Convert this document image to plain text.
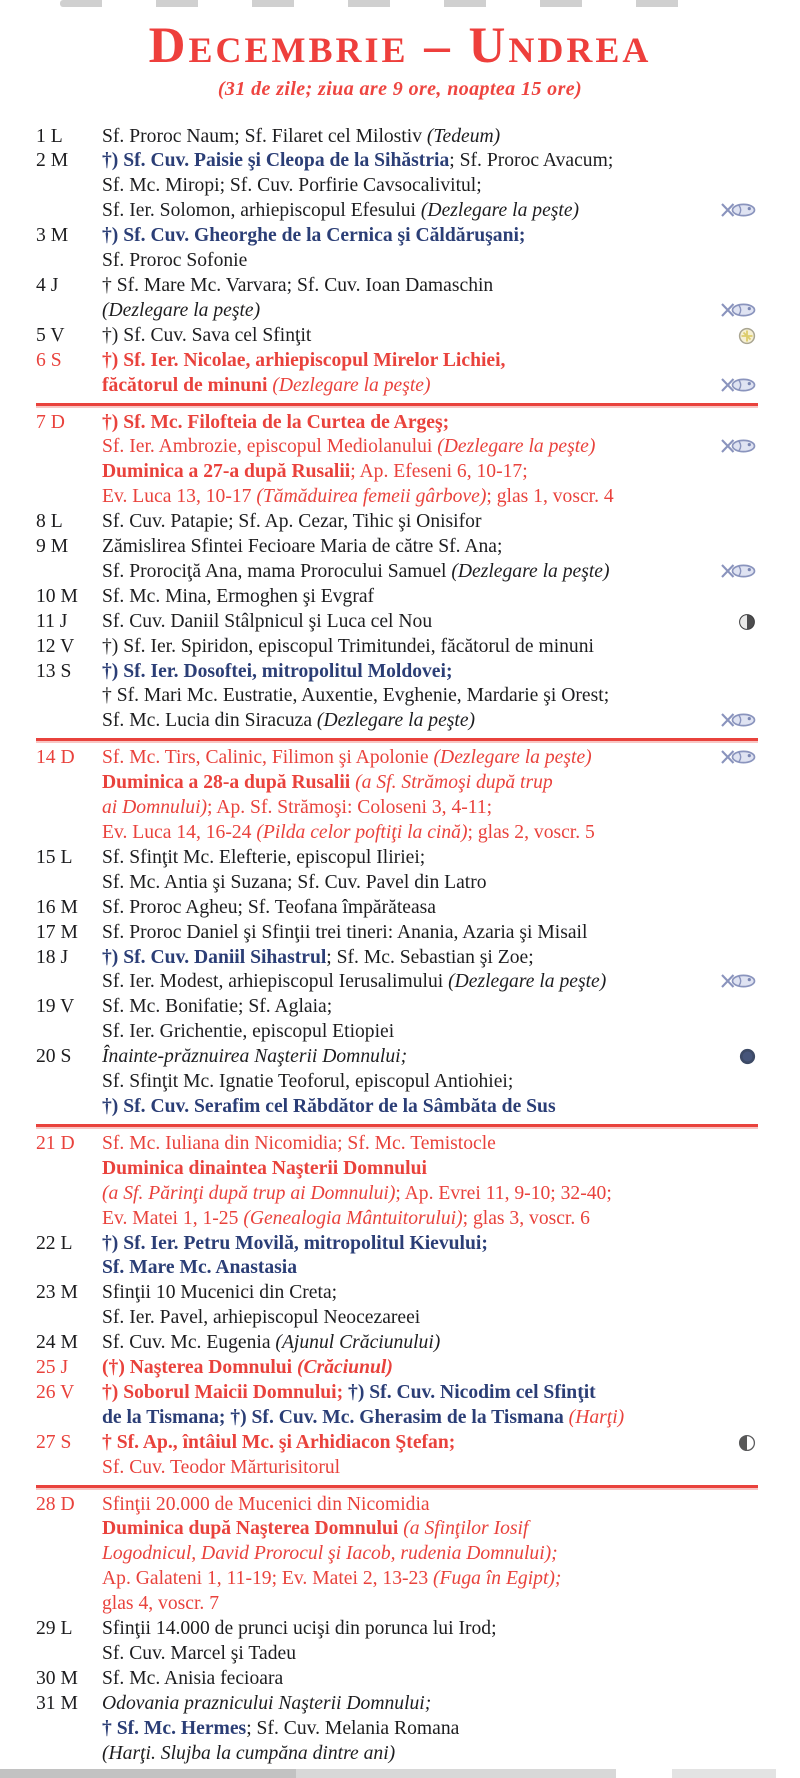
Decembrie – Undrea
(31 de zile; ziua are 9 ore, noaptea 15 ore)
1 L	Sf. Proroc Naum; Sf. Filaret cel Milostiv (Tedeum)
2 M	†) Sf. Cuv. Paisie şi Cleopa de la Sihăstria; Sf. Proroc Avacum;
Sf. Mc. Miropi; Sf. Cuv. Porfirie Cavsocalivitul;
Sf. Ier. Solomon, arhiepiscopul Efesului (Dezlegare la peşte)
3 M	†) Sf. Cuv. Gheorghe de la Cernica şi Căldăruşani;
Sf. Proroc Sofonie
4 J	† Sf. Mare Mc. Varvara; Sf. Cuv. Ioan Damaschin
(Dezlegare la peşte)
5 V	†) Sf. Cuv. Sava cel Sfinţit
6 S	†) Sf. Ier. Nicolae, arhiepiscopul Mirelor Lichiei,
făcătorul de minuni (Dezlegare la peşte)
7 D	†) Sf. Mc. Filofteia de la Curtea de Argeş;
Sf. Ier. Ambrozie, episcopul Mediolanului (Dezlegare la peşte)
Duminica a 27-a după Rusalii; Ap. Efeseni 6, 10-17;
Ev. Luca 13, 10-17 (Tămăduirea femeii gârbove); glas 1, voscr. 4
8 L	Sf. Cuv. Patapie; Sf. Ap. Cezar, Tihic şi Onisifor
9 M	Zămislirea Sfintei Fecioare Maria de către Sf. Ana;
Sf. Prorociţă Ana, mama Prorocului Samuel (Dezlegare la peşte)
10 M	Sf. Mc. Mina, Ermoghen şi Evgraf
11 J	Sf. Cuv. Daniil Stâlpnicul şi Luca cel Nou
12 V	†) Sf. Ier. Spiridon, episcopul Trimitundei, făcătorul de minuni
13 S	†) Sf. Ier. Dosoftei, mitropolitul Moldovei;
† Sf. Mari Mc. Eustratie, Auxentie, Evghenie, Mardarie şi Orest;
Sf. Mc. Lucia din Siracuza (Dezlegare la peşte)
14 D	Sf. Mc. Tirs, Calinic, Filimon şi Apolonie (Dezlegare la peşte)
Duminica a 28-a după Rusalii (a Sf. Strămoşi după trup
ai Domnului); Ap. Sf. Strămoşi: Coloseni 3, 4-11;
Ev. Luca 14, 16-24 (Pilda celor poftiţi la cină); glas 2, voscr. 5
15 L	Sf. Sfinţit Mc. Elefterie, episcopul Iliriei;
Sf. Mc. Antia şi Suzana; Sf. Cuv. Pavel din Latro
16 M	Sf. Proroc Agheu; Sf. Teofana împărăteasa
17 M	Sf. Proroc Daniel şi Sfinţii trei tineri: Anania, Azaria şi Misail
18 J	†) Sf. Cuv. Daniil Sihastrul; Sf. Mc. Sebastian şi Zoe;
Sf. Ier. Modest, arhiepiscopul Ierusalimului (Dezlegare la peşte)
19 V	Sf. Mc. Bonifatie; Sf. Aglaia;
Sf. Ier. Grichentie, episcopul Etiopiei
20 S	Înainte-prăznuirea Naşterii Domnului;
Sf. Sfinţit Mc. Ignatie Teoforul, episcopul Antiohiei;
†) Sf. Cuv. Serafim cel Răbdător de la Sâmbăta de Sus
21 D	Sf. Mc. Iuliana din Nicomidia; Sf. Mc. Temistocle
Duminica dinaintea Naşterii Domnului
(a Sf. Părinţi după trup ai Domnului); Ap. Evrei 11, 9-10; 32-40;
Ev. Matei 1, 1-25 (Genealogia Mântuitorului); glas 3, voscr. 6
22 L	†) Sf. Ier. Petru Movilă, mitropolitul Kievului;
Sf. Mare Mc. Anastasia
23 M	Sfinţii 10 Mucenici din Creta;
Sf. Ier. Pavel, arhiepiscopul Neocezareei
24 M	Sf. Cuv. Mc. Eugenia (Ajunul Crăciunului)
25 J	(†) Naşterea Domnului (Crăciunul)
26 V	†) Soborul Maicii Domnului; †) Sf. Cuv. Nicodim cel Sfinţit
de la Tismana; †) Sf. Cuv. Mc. Gherasim de la Tismana (Harţi)
27 S	† Sf. Ap., întâiul Mc. şi Arhidiacon Ştefan;
Sf. Cuv. Teodor Mărturisitorul
28 D	Sfinţii 20.000 de Mucenici din Nicomidia
Duminica după Naşterea Domnului (a Sfinţilor Iosif
Logodnicul, David Prorocul şi Iacob, rudenia Domnului);
Ap. Galateni 1, 11-19; Ev. Matei 2, 13-23 (Fuga în Egipt);
glas 4, voscr. 7
29 L	Sfinţii 14.000 de prunci ucişi din porunca lui Irod;
Sf. Cuv. Marcel şi Tadeu
30 M	Sf. Mc. Anisia fecioara
31 M	Odovania praznicului Naşterii Domnului;
† Sf. Mc. Hermes; Sf. Cuv. Melania Romana
(Harţi. Slujba la cumpăna dintre ani)
